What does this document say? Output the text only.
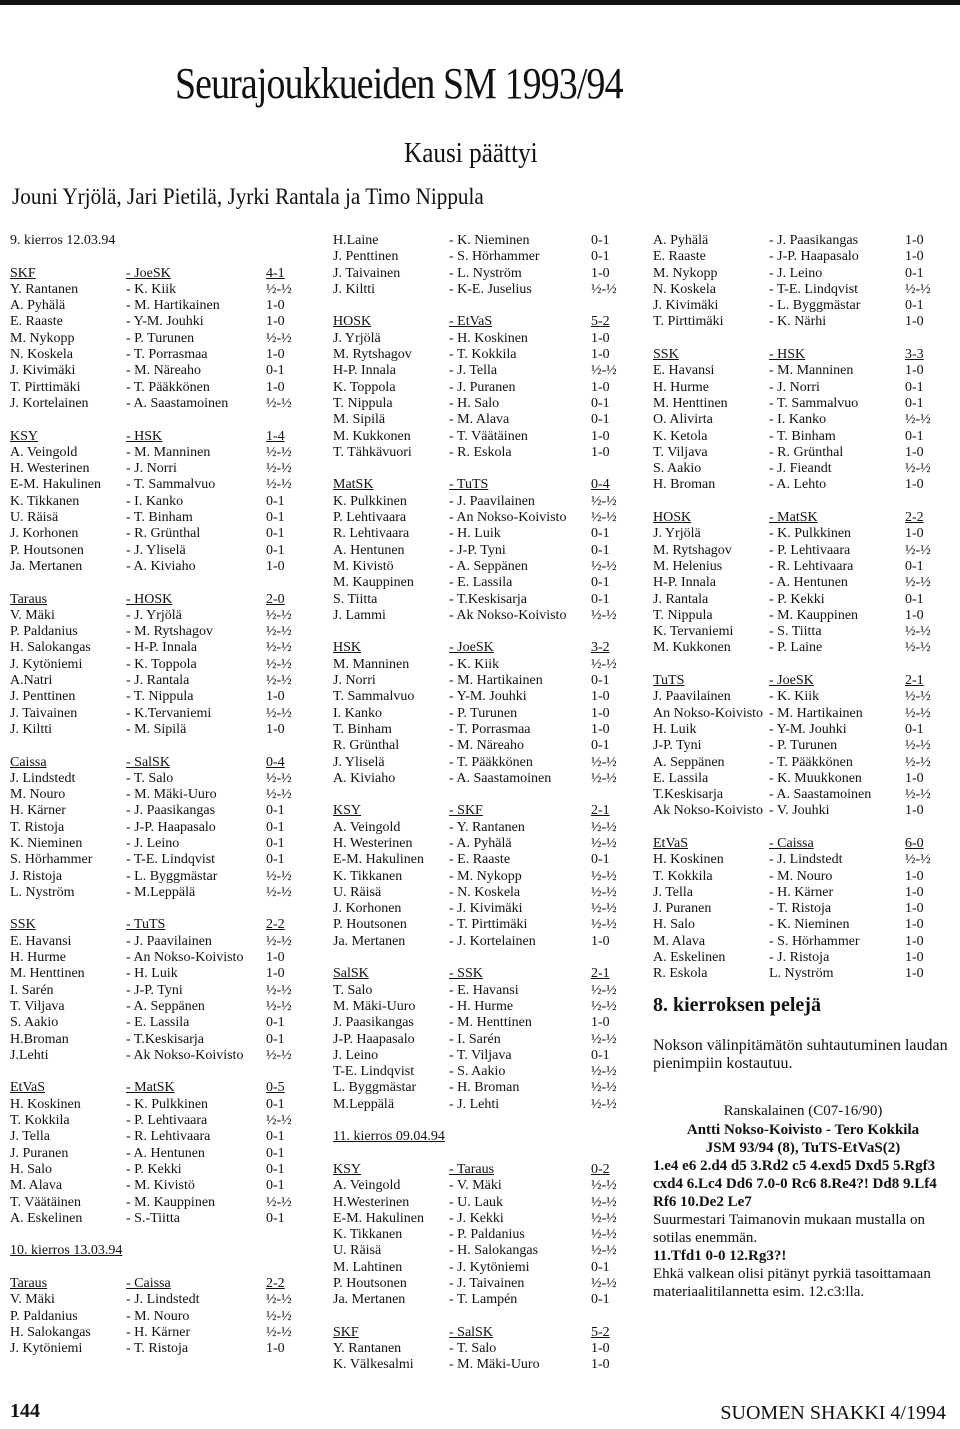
Seurajoukkueiden SM 1993/94
Kausi päättyi
Jouni Yrjölä, Jari Pietilä, Jyrki Rantala ja Timo Nippula
9. kierros 12.03.94
SKF	- JoeSK	4-1
Y. Rantanen	- K. Kiik	½-½
A. Pyhälä	- M. Hartikainen	1-0
E. Raaste	- Y-M. Jouhki	1-0
M. Nykopp	- P. Turunen	½-½
N. Koskela	- T. Porrasmaa	1-0
J. Kivimäki	- M. Näreaho	0-1
T. Pirttimäki	- T. Pääkkönen	1-0
J. Kortelainen	- A. Saastamoinen	½-½
KSY	- HSK	1-4
A. Veingold	- M. Manninen	½-½
H. Westerinen	- J. Norri	½-½
E-M. Hakulinen - T. Sammalvuo	½-½
K. Tikkanen	- I. Kanko	0-1
U. Räisä	- T. Binham	0-1
J. Korhonen	- R. Grünthal	0-1
P. Houtsonen	- J. Yliselä	0-1
Ja. Mertanen	- A. Kiviaho	1-0
Taraus	- HOSK	2-0
V. Mäki	- J. Yrjölä	½-½
P. Paldanius	- M. Rytshagov	½-½
H. Salokangas	- H-P. Innala	½-½
J. Kytöniemi	- K. Toppola	½-½
A.Natri	- J. Rantala	½-½
J. Penttinen	- T. Nippula	1-0
J. Taivainen	- K.Tervaniemi	½-½
J. Kiltti	- M. Sipilä	1-0
Caissa	- SalSK	0-4
J. Lindstedt	- T. Salo	½-½
M. Nouro	- M. Mäki-Uuro	½-½
H. Kärner	- J. Paasikangas	0-1
T. Ristoja	- J-P. Haapasalo	0-1
K. Nieminen	- J. Leino	0-1
S. Hörhammer - T-E. Lindqvist	0-1
J. Ristoja	- L. Byggmästar	½-½
L. Nyström	- M.Leppälä	½-½
SSK	- TuTS	2-2
E. Havansi	- J. Paavilainen	½-½
H. Hurme	- An Nokso-Koivisto 1-0
M. Henttinen	- H. Luik	1-0
I. Sarén	- J-P. Tyni	½-½
T. Viljava	- A. Seppänen	½-½
S. Aakio	- E. Lassila	0-1
H.Broman	- T.Keskisarja	0-1
J.Lehti	- Ak Nokso-Koivisto ½-½
EtVaS	- MatSK	0-5
H. Koskinen	- K. Pulkkinen	0-1
T. Kokkila	- P. Lehtivaara	½-½
J. Tella	- R. Lehtivaara	0-1
J. Puranen	- A. Hentunen	0-1
H. Salo	- P. Kekki	0-1
M. Alava	- M. Kivistö	0-1
T. Väätäinen	- M. Kauppinen	½-½
A. Eskelinen	- S.-Tiitta	0-1
10. kierros 13.03.94
Taraus	- Caissa	2-2
V. Mäki	- J. Lindstedt	½-½
P. Paldanius	- M. Nouro	½-½
H. Salokangas	- H. Kärner	½-½
J. Kytöniemi	- T. Ristoja	1-0
H.Laine	- K. Nieminen	0-1
J. Penttinen	- S. Hörhammer	0-1
J. Taivainen	- L. Nyström	1-0
J. Kiltti	- K-E. Juselius	½-½
HOSK	- EtVaS	5-2
J. Yrjölä	- H. Koskinen	1-0
M. Rytshagov	- T. Kokkila	1-0
H-P. Innala	- J. Tella	½-½
K. Toppola	- J. Puranen	1-0
T. Nippula	- H. Salo	0-1
M. Sipilä	- M. Alava	0-1
M. Kukkonen	- T. Väätäinen	1-0
T. Tähkävuori	- R. Eskola	1-0
MatSK	- TuTS	0-4
K. Pulkkinen	- J. Paavilainen	½-½
P. Lehtivaara	- An Nokso-Koivisto ½-½
R. Lehtivaara	- H. Luik	0-1
A. Hentunen	- J-P. Tyni	0-1
M. Kivistö	- A. Seppänen	½-½
M. Kauppinen	- E. Lassila	0-1
S. Tiitta	- T.Keskisarja	0-1
J. Lammi	- Ak Nokso-Koivisto ½-½
HSK	- JoeSK	3-2
M. Manninen	- K. Kiik	½-½
J. Norri	- M. Hartikainen	0-1
T. Sammalvuo - Y-M. Jouhki	1-0
I. Kanko	- P. Turunen	1-0
T. Binham	- T. Porrasmaa	1-0
R. Grünthal	- M. Näreaho	0-1
J. Yliselä	- T. Pääkkönen	½-½
A. Kiviaho	- A. Saastamoinen	½-½
KSY	- SKF	2-1
A. Veingold	- Y. Rantanen	½-½
H. Westerinen	- A. Pyhälä	½-½
E-M. Hakulinen - E. Raaste	0-1
K. Tikkanen	- M. Nykopp	½-½
U. Räisä	- N. Koskela	½-½
J. Korhonen	- J. Kivimäki	½-½
P. Houtsonen	- T. Pirttimäki	½-½
Ja. Mertanen	- J. Kortelainen	1-0
SalSK	- SSK	2-1
T. Salo	- E. Havansi	½-½
M. Mäki-Uuro - H. Hurme	½-½
J. Paasikangas	- M. Henttinen	1-0
J-P. Haapasalo - I. Sarén	½-½
J. Leino	- T. Viljava	0-1
T-E. Lindqvist - S. Aakio	½-½
L. Byggmästar - H. Broman	½-½
M.Leppälä	- J. Lehti	½-½
11. kierros 09.04.94
KSY	- Taraus	0-2
A. Veingold	- V. Mäki	½-½
H.Westerinen	- U. Lauk	½-½
E-M. Hakulinen - J. Kekki	½-½
K. Tikkanen	- P. Paldanius	½-½
U. Räisä	- H. Salokangas	½-½
M. Lahtinen	- J. Kytöniemi	0-1
P. Houtsonen	- J. Taivainen	½-½
Ja. Mertanen	- T. Lampén	0-1
SKF	- SalSK	5-2
Y. Rantanen	- T. Salo	1-0
K. Välkesalmi	- M. Mäki-Uuro	1-0
A. Pyhälä	- J. Paasikangas	1-0
E. Raaste	- J-P. Haapasalo	1-0
M. Nykopp	- J. Leino	0-1
N. Koskela	- T-E. Lindqvist	½-½
J. Kivimäki	- L. Byggmästar	0-1
T. Pirttimäki	- K. Närhi	1-0
SSK	- HSK	3-3
E. Havansi	- M. Manninen	1-0
H. Hurme	- J. Norri	0-1
M. Henttinen	- T. Sammalvuo	0-1
O. Alivirta	- I. Kanko	½-½
K. Ketola	- T. Binham	0-1
T. Viljava	- R. Grünthal	1-0
S. Aakio	- J. Fieandt	½-½
H. Broman	- A. Lehto	1-0
HOSK	- MatSK	2-2
J. Yrjölä	- K. Pulkkinen	1-0
M. Rytshagov	- P. Lehtivaara	½-½
M. Helenius	- R. Lehtivaara	0-1
H-P. Innala	- A. Hentunen	½-½
J. Rantala	- P. Kekki	0-1
T. Nippula	- M. Kauppinen	1-0
K. Tervaniemi	- S. Tiitta	½-½
M. Kukkonen	- P. Laine	½-½
TuTS	- JoeSK	2-1
J. Paavilainen	- K. Kiik	½-½
An Nokso-Koivisto - M. Hartikainen	½-½
H. Luik	- Y-M. Jouhki	0-1
J-P. Tyni	- P. Turunen	½-½
A. Seppänen	- T. Pääkkönen	½-½
E. Lassila	- K. Muukkonen	1-0
T.Keskisarja	- A. Saastamoinen ½-½
Ak Nokso-Koivisto - V. Jouhki	1-0
EtVaS	- Caissa	6-0
H. Koskinen	- J. Lindstedt	½-½
T. Kokkila	- M. Nouro	1-0
J. Tella	- H. Kärner	1-0
J. Puranen	- T. Ristoja	1-0
H. Salo	- K. Nieminen	1-0
M. Alava	- S. Hörhammer	1-0
A. Eskelinen	- J. Ristoja	1-0
R. Eskola	L. Nyström	1-0
8. kierroksen pelejä
Nokson välinpitämätön suhtautuminen laudan pienimpiin kostautuu.
Ranskalainen (C07-16/90)
Antti Nokso-Koivisto - Tero Kokkila
JSM 93/94 (8), TuTS-EtVaS(2)
1.e4 e6 2.d4 d5 3.Rd2 c5 4.exd5 Dxd5 5.Rgf3 cxd4 6.Lc4 Dd6 7.0-0 Rc6 8.Re4?! Dd8 9.Lf4 Rf6 10.De2 Le7
Suurmestari Taimanovin mukaan mustalla on sotilas enemmän.
11.Tfd1 0-0 12.Rg3?!
Ehkä valkean olisi pitänyt pyrkiä tasoittamaan materiaalitilannetta esim. 12.c3:lla.
144	SUOMEN SHAKKI 4/1994
